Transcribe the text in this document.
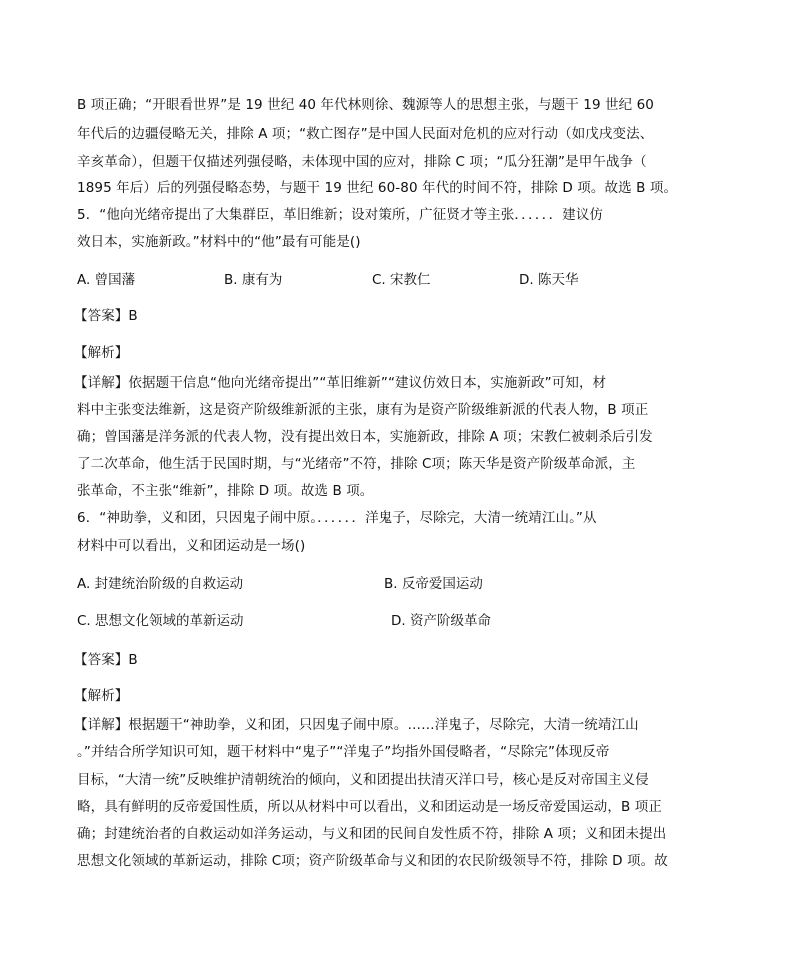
B 项正确；“开眼看世界”是 19 世纪 40 年代林则徐、魏源等人的思想主张，与题干 19 世纪 60
年代后的边疆侵略无关，排除 A 项；“救亡图存”是中国人民面对危机的应对行动（如戊戌变法、
辛亥革命），但题干仅描述列强侵略，未体现中国的应对，排除 C 项；“瓜分狂潮”是甲午战争（
1895 年后）后的列强侵略态势，与题干 19 世纪 60-80 年代的时间不符，排除 D 项。故选 B 项。
5．“他向光绪帝提出了大集群臣，革旧维新；设对策所，广征贤才等主张．．．．．．建议仿
效日本，实施新政。”材料中的“他”最有可能是()
A. 曾国藩	B. 康有为	C. 宋教仁	D. 陈天华
【答案】B
【解析】
【详解】依据题干信息“他向光绪帝提出”“革旧维新”“建议仿效日本，实施新政”可知，材
料中主张变法维新，这是资产阶级维新派的主张，康有为是资产阶级维新派的代表人物，B 项正
确；曾国藩是洋务派的代表人物，没有提出效日本，实施新政，排除 A 项；宋教仁被刺杀后引发
了二次革命，他生活于民国时期，与“光绪帝”不符，排除 C项；陈天华是资产阶级革命派，主
张革命，不主张“维新”，排除 D 项。故选 B 项。
6．“神助拳，义和团，只因鬼子闹中原。．．．．．．洋鬼子，尽除完，大清一统靖江山。”从
材料中可以看出，义和团运动是一场()
A. 封建统治阶级的自救运动	B. 反帝爱国运动
C. 思想文化领域的革新运动	D. 资产阶级革命
【答案】B
【解析】
【详解】根据题干“神助拳，义和团，只因鬼子闹中原。……洋鬼子，尽除完，大清一统靖江山
。”并结合所学知识可知，题干材料中“鬼子”“洋鬼子”均指外国侵略者，“尽除完”体现反帝
目标，“大清一统”反映维护清朝统治的倾向，义和团提出扶清灭洋口号，核心是反对帝国主义侵
略，具有鲜明的反帝爱国性质，所以从材料中可以看出，义和团运动是一场反帝爱国运动，B 项正
确；封建统治者的自救运动如洋务运动，与义和团的民间自发性质不符，排除 A 项；义和团未提出
思想文化领域的革新运动，排除 C项；资产阶级革命与义和团的农民阶级领导不符，排除 D 项。故
